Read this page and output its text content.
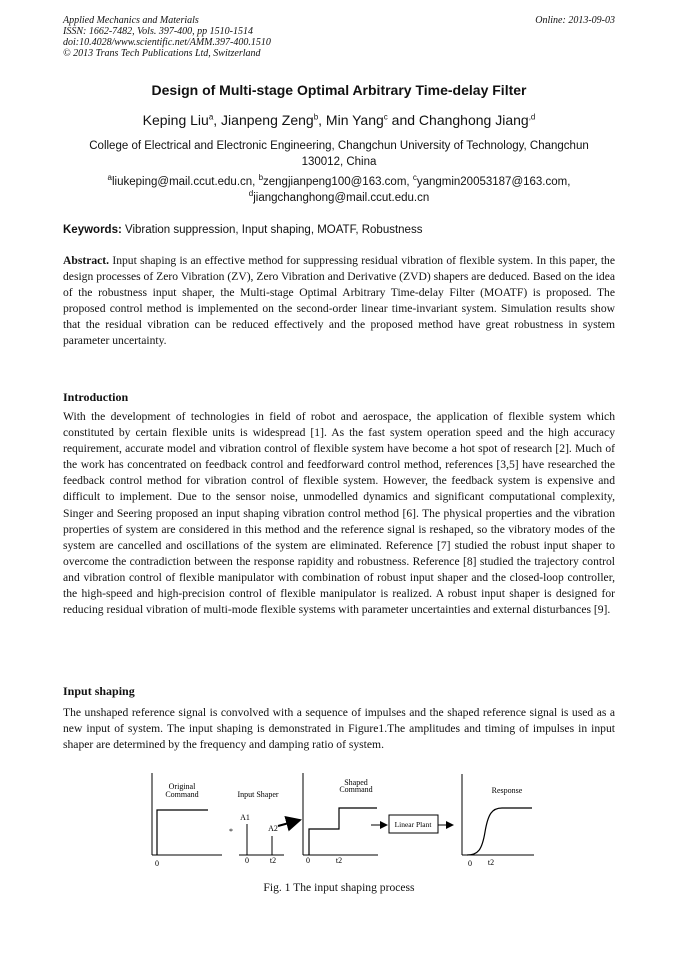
Applied Mechanics and Materials	Online: 2013-09-03
ISSN: 1662-7482, Vols. 397-400, pp 1510-1514
doi:10.4028/www.scientific.net/AMM.397-400.1510
© 2013 Trans Tech Publications Ltd, Switzerland
Design of Multi-stage Optimal Arbitrary Time-delay Filter
Keping Liu$^a$, Jianpeng Zeng$^b$, Min Yang$^c$ and Changhong Jiang$^{,d}$
College of Electrical and Electronic Engineering, Changchun University of Technology, Changchun
130012, China
$^a$liukeping@mail.ccut.edu.cn, $^b$zengjianpeng100@163.com, $^c$yangmin20053187@163.com,
$^d$jiangchanghong@mail.ccut.edu.cn
Keywords: Vibration suppression, Input shaping, MOATF, Robustness
Abstract. Input shaping is an effective method for suppressing residual vibration of flexible system. In this paper, the design processes of Zero Vibration (ZV), Zero Vibration and Derivative (ZVD) shapers are deduced. Based on the idea of the robustness input shaper, the Multi-stage Optimal Arbitrary Time-delay Filter (MOATF) is proposed. The proposed control method is implemented on the second-order linear time-invariant system. Simulation results show that the residual vibration can be reduced effectively and the proposed method have great robustness in system parameter uncertainty.
Introduction
With the development of technologies in field of robot and aerospace, the application of flexible system which constituted by certain flexible units is widespread [1]. As the fast system operation speed and the high accuracy requirement, accurate model and vibration control of flexible system have become a hot spot of research [2]. Much of the work has concentrated on feedback control and feedforward control method, references [3,5] have researched the feedback control method for vibration control of flexible system. However, the feedback system is expensive and difficult to implement. Due to the sensor noise, unmodelled dynamics and significant computational complexity, Singer and Seering proposed an input shaping vibration control method [6]. The physical properties and the vibration properties of system are considered in this method and the reference signal is reshaped, so the vibratory modes of the system are cancelled and oscillations of the system are eliminated. Reference [7] studied the robust input shaper to overcome the contradiction between the response rapidity and robustness. Reference [8] studied the trajectory control and vibration control of flexible manipulator with combination of robust input shaper and the closed-loop controller, the high-speed and high-precision control of flexible manipulator is realized. A robust input shaper is designed for reducing residual vibration of multi-mode flexible systems with parameter uncertainties and external disturbances [9].
Input shaping
The unshaped reference signal is convolved with a sequence of impulses and the shaped reference signal is used as a new input of system. The input shaping is demonstrated in Figure1.The amplitudes and timing of impulses in input shaper are determined by the frequency and damping ratio of system.
Original
Command
0
*
Input Shaper
A1
A2
0	t2
Shaped
Command
0	t2
Linear Plant
Response
0 t2
Fig. 1 The input shaping process
